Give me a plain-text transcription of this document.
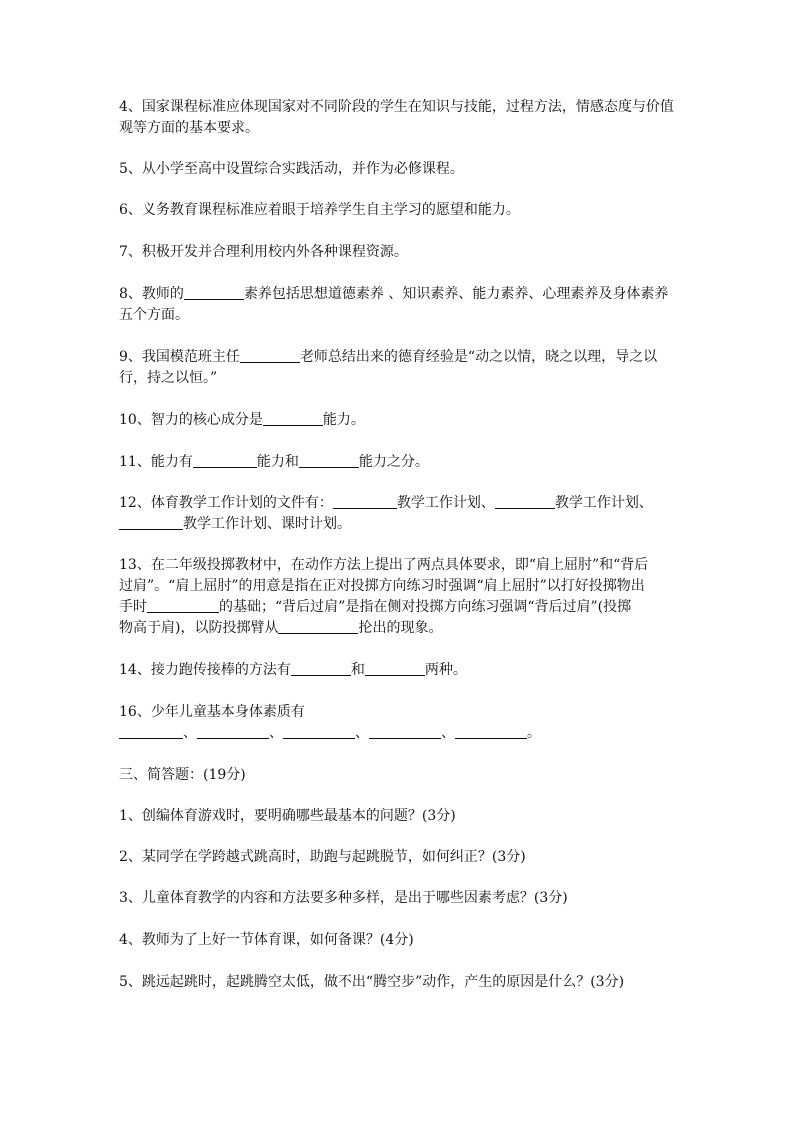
4、国家课程标准应体现国家对不同阶段的学生在知识与技能，过程方法，情感态度与价值
观等方面的基本要求。
5、从小学至高中设置综合实践活动，并作为必修课程。
6、义务教育课程标准应着眼于培养学生自主学习的愿望和能力。
7、积极开发并合理利用校内外各种课程资源。
8、教师的	素养包括思想道德素养 、知识素养、能力素养、心理素养及身体素养
五个方面。
9、我国模范班主任	老师总结出来的德育经验是“动之以情，晓之以理，导之以
行，持之以恒。”
10、智力的核心成分是	能力。
11、能力有	能力和	能力之分。
12、体育教学工作计划的文件有：	教学工作计划、	教学工作计划、
教学工作计划、课时计划。
13、在二年级投掷教材中，在动作方法上提出了两点具体要求，即“肩上屈肘”和“背后
过肩”。“肩上屈肘”的用意是指在正对投掷方向练习时强调“肩上屈肘”以打好投掷物出
手时	的基础；“背后过肩”是指在侧对投掷方向练习强调“背后过肩”(投掷
物高于肩)，以防投掷臂从	抡出的现象。
14、接力跑传接棒的方法有	和	两种。
16、少年儿童基本身体素质有
、	、	、	、	。
三、简答题：(19分)
1、创编体育游戏时，要明确哪些最基本的问题？(3分)
2、某同学在学跨越式跳高时，助跑与起跳脱节，如何纠正？(3分)
3、儿童体育教学的内容和方法要多种多样，是出于哪些因素考虑？(3分)
4、教师为了上好一节体育课，如何备课？(4分)
5、跳远起跳时，起跳腾空太低，做不出“腾空步”动作，产生的原因是什么？(3分)
